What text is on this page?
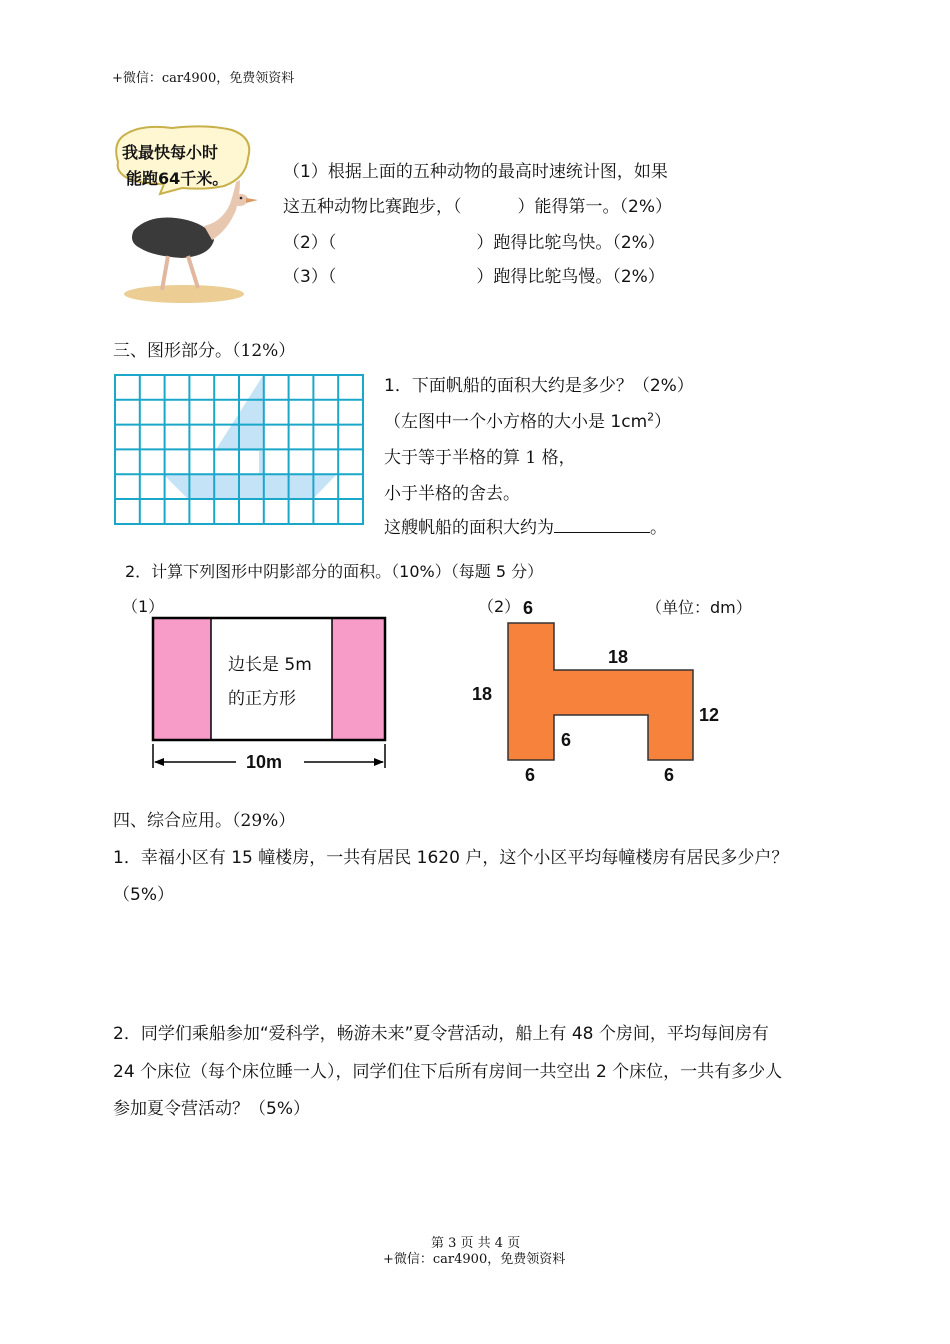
+微信：car4900，免费领资料
我最快每小时
能跑64千米。	（1）根据上面的五种动物的最高时速统计图，如果
这五种动物比赛跑步，（	）能得第一。（2%）
（2）（	）跑得比鸵鸟快。（2%）
（3）（	）跑得比鸵鸟慢。（2%）
三、图形部分。（12%）
1．下面帆船的面积大约是多少？（2%）
（左图中一个小方格的大小是 $1cm^2$）
大于等于半格的算 1 格，
小于半格的舍去。
这艘帆船的面积大约为	。
2．计算下列图形中阴影部分的面积。（10%）（每题 5 分）
（1）
边长是 5m
的正方形
10m
（2）	（单位：dm）
6
18
18
12
6
6	6
四、综合应用。（29%）
1．幸福小区有 15 幢楼房，一共有居民 1620 户，这个小区平均每幢楼房有居民多少户？
（5%）
2．同学们乘船参加“爱科学，畅游未来”夏令营活动，船上有 48 个房间，平均每间房有
24 个床位（每个床位睡一人），同学们住下后所有房间一共空出 2 个床位，一共有多少人
参加夏令营活动？（5%）
第 3 页 共 4 页
+微信：car4900，免费领资料
